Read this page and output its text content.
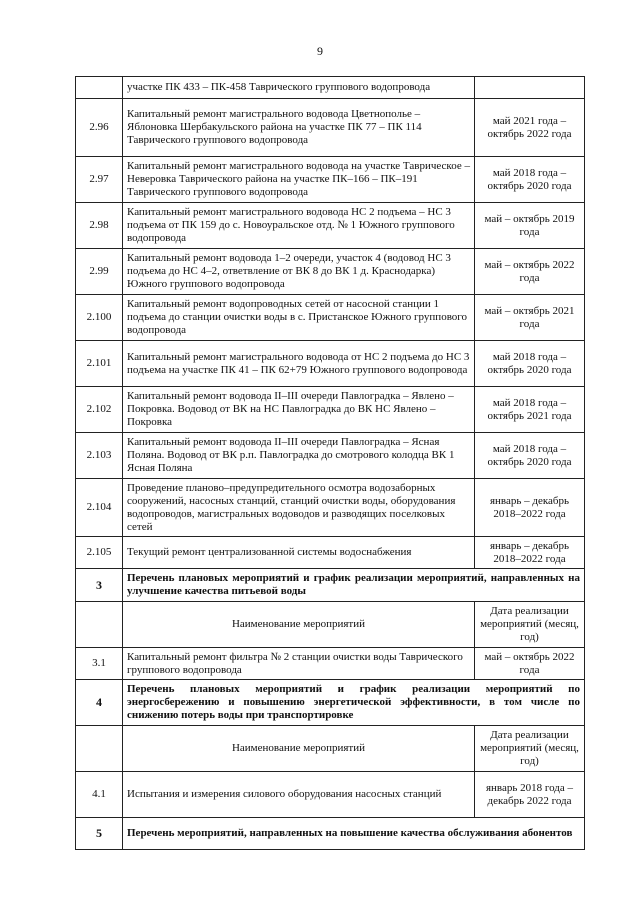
9
	участке ПК 433 – ПК-458 Таврического группового водопровода	
2.96	Капитальный ремонт магистрального водовода Цветнополье – Яблоновка Шербакульского района на участке ПК 77 – ПК 114 Таврического группового водопровода	май 2021 года – октябрь 2022 года
2.97	Капитальный ремонт магистрального водовода на участке Таврическое – Неверовка Таврического района на участке ПК–166 – ПК–191 Таврического группового водопровода	май 2018 года – октябрь 2020 года
2.98	Капитальный ремонт магистрального водовода НС 2 подъема – НС 3 подъема от ПК 159 до с. Новоуральское отд. № 1 Южного группового водопровода	май – октябрь 2019 года
2.99	Капитальный ремонт водовода 1–2 очереди, участок 4 (водовод НС 3 подъема до НС 4–2, ответвление от ВК 8 до ВК 1 д. Краснодарка) Южного группового водопровода	май – октябрь 2022 года
2.100	Капитальный ремонт водопроводных сетей от насосной станции 1 подъема до станции очистки воды в с. Пристанское Южного группового водопровода	май – октябрь 2021 года
2.101	Капитальный ремонт магистрального водовода от НС 2 подъема до НС 3 подъема на участке ПК 41 – ПК 62+79 Южного группового водопровода	май 2018 года – октябрь 2020 года
2.102	Капитальный ремонт водовода II–III очереди Павлоградка – Явлено – Покровка. Водовод от ВК на НС Павлоградка до ВК НС Явлено – Покровка	май 2018 года – октябрь 2021 года
2.103	Капитальный ремонт водовода II–III очереди Павлоградка – Ясная Поляна. Водовод от ВК р.п. Павлоградка до смотрового колодца ВК 1 Ясная Поляна	май 2018 года – октябрь 2020 года
2.104	Проведение планово–предупредительного осмотра водозаборных сооружений, насосных станций, станций очистки воды, оборудования водопроводов, магистральных водоводов и разводящих поселковых сетей	январь – декабрь 2018–2022 года
2.105	Текущий ремонт централизованной системы водоснабжения	январь – декабрь 2018–2022 года
3	Перечень плановых мероприятий и график реализации мероприятий, направленных на улучшение качества питьевой воды	
	Наименование мероприятий	Дата реализации мероприятий (месяц, год)
3.1	Капитальный ремонт фильтра № 2 станции очистки воды Таврического группового водопровода	май – октябрь 2022 года
4	Перечень плановых мероприятий и график реализации мероприятий по энергосбережению и повышению энергетической эффективности, в том числе по снижению потерь воды при транспортировке	
	Наименование мероприятий	Дата реализации мероприятий (месяц, год)
4.1	Испытания и измерения силового оборудования насосных станций	январь 2018 года – декабрь 2022 года
5	Перечень мероприятий, направленных на повышение качества обслуживания абонентов	
